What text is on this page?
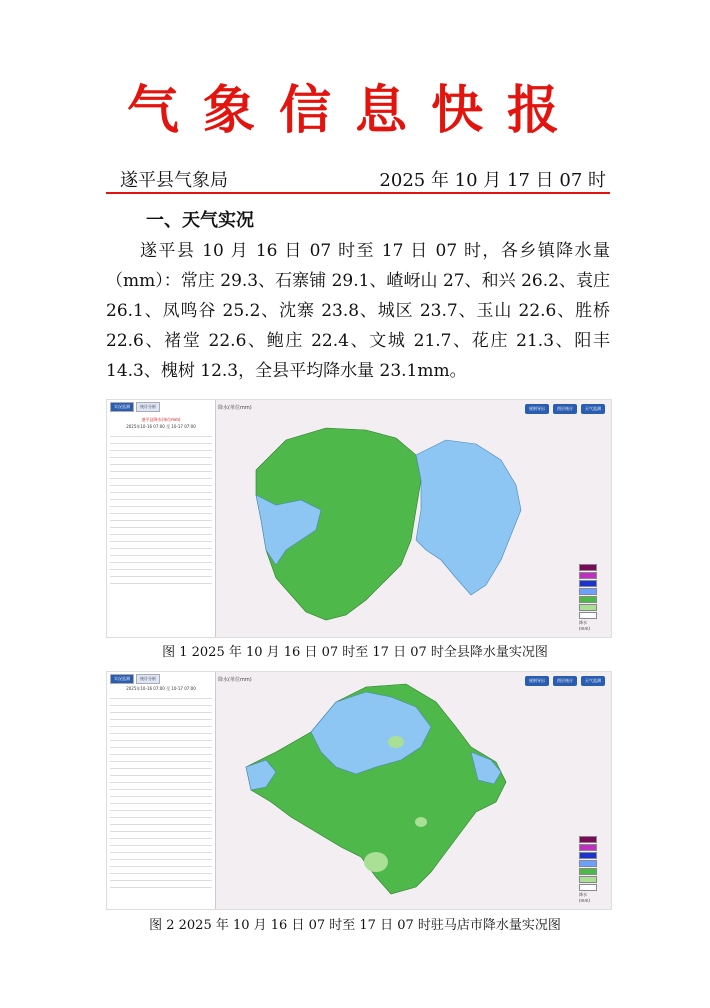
气象信息快报
遂平县气象局	2025 年 10 月 17 日 07 时
一、天气实况
遂平县 10 月 16 日 07 时至 17 日 07 时，各乡镇降水量（mm）：常庄 29.3、石寨铺 29.1、嵖岈山 27、和兴 26.2、袁庄 26.1、凤鸣谷 25.2、沈寨 23.8、城区 23.7、玉山 22.6、胜桥 22.6、褚堂 22.6、鲍庄 22.4、文城 21.7、花庄 21.3、阳丰 14.3、槐树 12.3，全县平均降水量 23.1mm。
实况监测	统计分析
遂平县降水(单位mm)
2025年10-16 07:00 至 10-17 07:00
降水(单位mm)	规则导出	图层统计	天气监测
降水(mm)
图 1 2025 年 10 月 16 日 07 时至 17 日 07 时全县降水量实况图
实况监测	统计分析
2025年10-16 07:00 至 10-17 07:00
降水(单位mm)	规则导出	图层统计	天气监测
降水(mm)
图 2 2025 年 10 月 16 日 07 时至 17 日 07 时驻马店市降水量实况图
